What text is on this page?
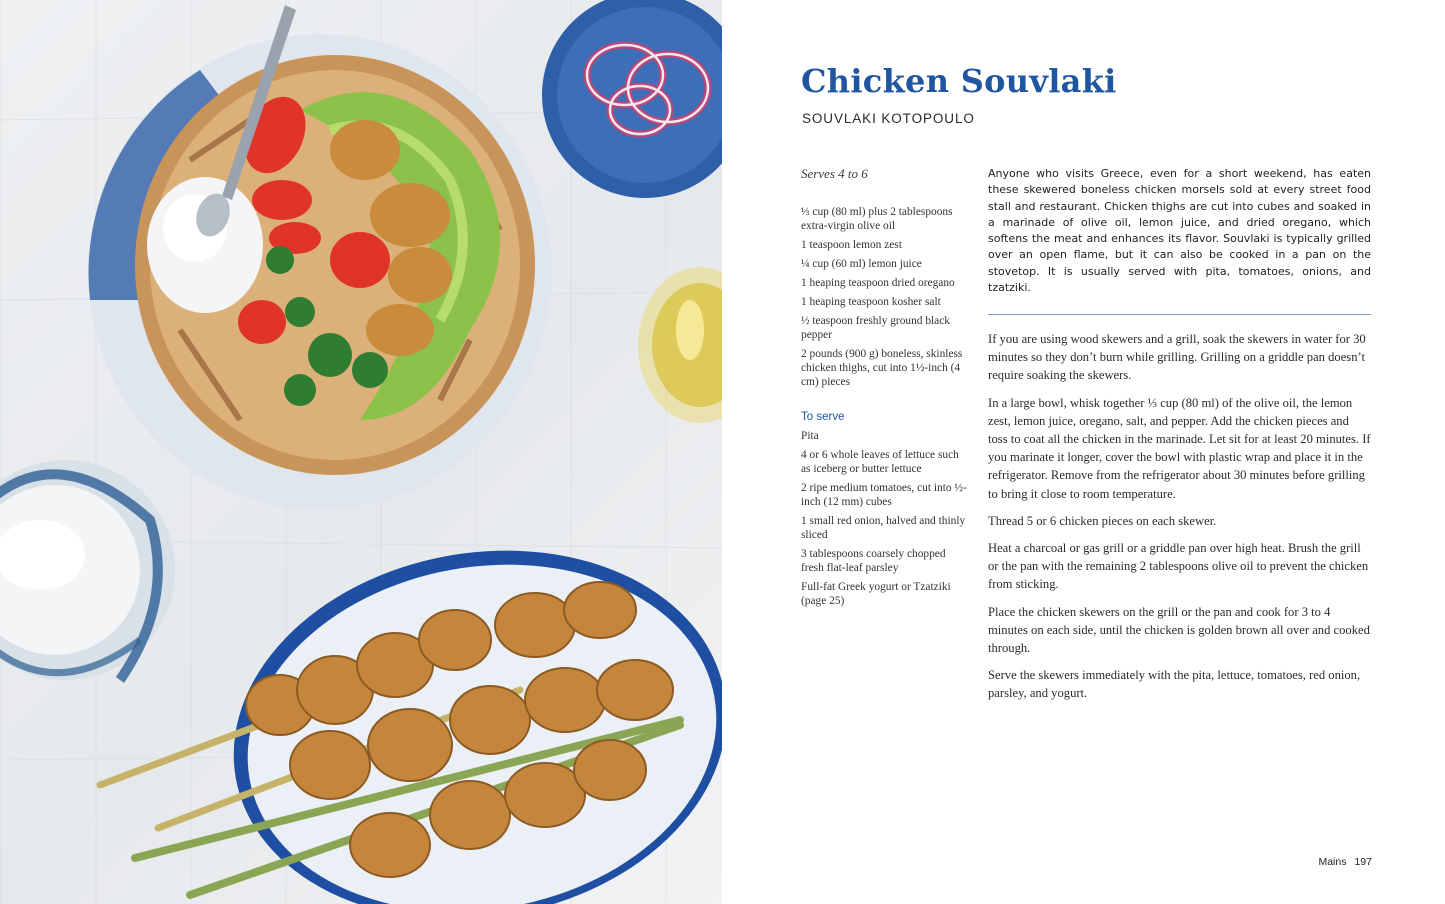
Chicken Souvlaki
SOUVLAKI KOTOPOULO
Serves 4 to 6
⅓ cup (80 ml) plus 2 tablespoons extra-virgin olive oil
1 teaspoon lemon zest
¼ cup (60 ml) lemon juice
1 heaping teaspoon dried oregano
1 heaping teaspoon kosher salt
½ teaspoon freshly ground black pepper
2 pounds (900 g) boneless, skinless chicken thighs, cut into 1½-inch (4 cm) pieces
To serve
Pita
4 or 6 whole leaves of lettuce such as iceberg or butter lettuce
2 ripe medium tomatoes, cut into ½-inch (12 mm) cubes
1 small red onion, halved and thinly sliced
3 tablespoons coarsely chopped fresh flat-leaf parsley
Full-fat Greek yogurt or Tzatziki (page 25)

Anyone who visits Greece, even for a short weekend, has eaten these skewered boneless chicken morsels sold at every street food stall and restaurant. Chicken thighs are cut into cubes and soaked in a marinade of olive oil, lemon juice, and dried oregano, which softens the meat and enhances its flavor. Souvlaki is typically grilled over an open flame, but it can also be cooked in a pan on the stovetop. It is usually served with pita, tomatoes, onions, and tzatziki.

If you are using wood skewers and a grill, soak the skewers in water for 30 minutes so they don’t burn while grilling. Grilling on a griddle pan doesn’t require soaking the skewers.

In a large bowl, whisk together ⅓ cup (80 ml) of the olive oil, the lemon zest, lemon juice, oregano, salt, and pepper. Add the chicken pieces and toss to coat all the chicken in the marinade. Let sit for at least 20 minutes. If you marinate it longer, cover the bowl with plastic wrap and place it in the refrigerator. Remove from the refrigerator about 30 minutes before grilling to bring it close to room temperature.

Thread 5 or 6 chicken pieces on each skewer.

Heat a charcoal or gas grill or a griddle pan over high heat. Brush the grill or the pan with the remaining 2 tablespoons olive oil to prevent the chicken from sticking.

Place the chicken skewers on the grill or the pan and cook for 3 to 4 minutes on each side, until the chicken is golden brown all over and cooked through.

Serve the skewers immediately with the pita, lettuce, tomatoes, red onion, parsley, and yogurt.

Mains 197
